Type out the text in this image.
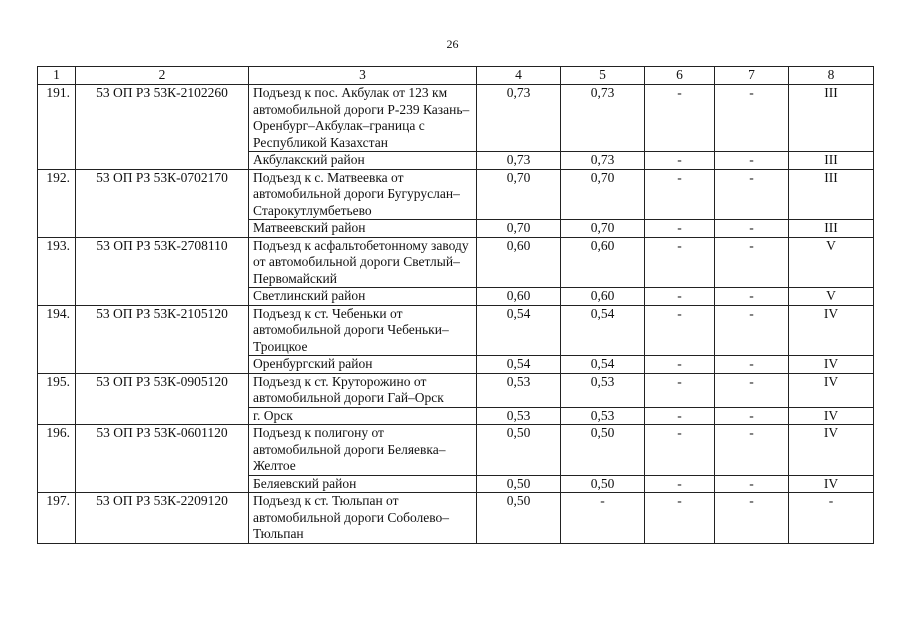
26
1	2	3	4	5	6	7	8
191.	53 ОП РЗ 53К-2102260	Подъезд к пос. Акбулак от 123 км автомобильной дороги Р-239 Казань–Оренбург–Акбулак–граница с Республикой Казахстан	0,73	0,73	-	-	III
		Акбулакский район	0,73	0,73	-	-	III
192.	53 ОП РЗ 53К-0702170	Подъезд к с. Матвеевка от автомобильной дороги Бугуруслан–Старокутлумбетьево	0,70	0,70	-	-	III
		Матвеевский район	0,70	0,70	-	-	III
193.	53 ОП РЗ 53К-2708110	Подъезд к асфальтобетонному заводу от автомобильной дороги Светлый–Первомайский	0,60	0,60	-	-	V
		Светлинский район	0,60	0,60	-	-	V
194.	53 ОП РЗ 53К-2105120	Подъезд к ст. Чебеньки от автомобильной дороги Чебеньки–Троицкое	0,54	0,54	-	-	IV
		Оренбургский район	0,54	0,54	-	-	IV
195.	53 ОП РЗ 53К-0905120	Подъезд к ст. Круторожино от автомобильной дороги Гай–Орск	0,53	0,53	-	-	IV
		г. Орск	0,53	0,53	-	-	IV
196.	53 ОП РЗ 53К-0601120	Подъезд к полигону от автомобильной дороги Беляевка–Желтое	0,50	0,50	-	-	IV
		Беляевский район	0,50	0,50	-	-	IV
197.	53 ОП РЗ 53К-2209120	Подъезд к ст. Тюльпан от автомобильной дороги Соболево–Тюльпан	0,50	-	-	-	-
